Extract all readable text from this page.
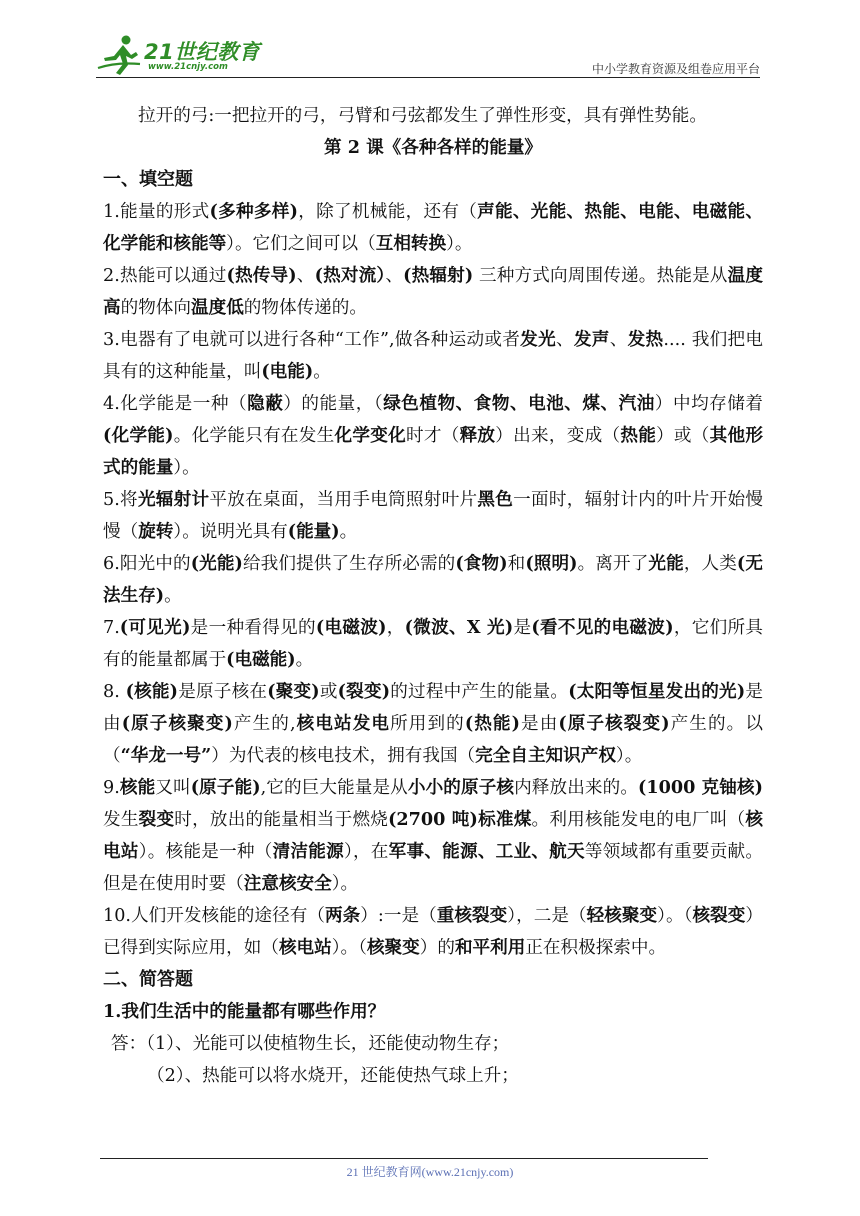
21世纪教育
www.21cnjy.com	中小学教育资源及组卷应用平台

拉开的弓:一把拉开的弓，弓臂和弓弦都发生了弹性形变，具有弹性势能。

第 2 课《各种各样的能量》

一、填空题

1.能量的形式(多种多样)，除了机械能，还有（声能、光能、热能、电能、电磁能、化学能和核能等）。它们之间可以（互相转换）。

2.热能可以通过(热传导)、(热对流）、(热辐射) 三种方式向周围传递。热能是从温度高的物体向温度低的物体传递的。

3.电器有了电就可以进行各种“工作”,做各种运动或者发光、发声、发热.... 我们把电具有的这种能量，叫(电能)。

4.化学能是一种（隐蔽）的能量，（绿色植物、食物、电池、煤、汽油）中均存储着(化学能)。化学能只有在发生化学变化时才（释放）出来，变成（热能）或（其他形式的能量）。

5.将光辐射计平放在桌面，当用手电筒照射叶片黑色一面时，辐射计内的叶片开始慢慢（旋转）。说明光具有(能量)。

6.阳光中的(光能)给我们提供了生存所必需的(食物)和(照明)。离开了光能，人类(无法生存)。

7.(可见光)是一种看得见的(电磁波)，(微波、X 光)是(看不见的电磁波)，它们所具有的能量都属于(电磁能)。

8. (核能)是原子核在(聚变)或(裂变)的过程中产生的能量。(太阳等恒星发出的光)是由(原子核聚变)产生的,核电站发电所用到的(热能)是由(原子核裂变)产生的。以（“华龙一号”）为代表的核电技术，拥有我国（完全自主知识产权）。

9.核能又叫(原子能),它的巨大能量是从小小的原子核内释放出来的。(1000 克铀核)发生裂变时，放出的能量相当于燃烧(2700 吨)标准煤。利用核能发电的电厂叫（核电站）。核能是一种（清洁能源），在军事、能源、工业、航天等领域都有重要贡献。但是在使用时要（注意核安全）。

10.人们开发核能的途径有（两条）:一是（重核裂变），二是（轻核聚变）。（核裂变）已得到实际应用，如（核电站）。（核聚变）的和平利用正在积极探索中。

二、简答题

1.我们生活中的能量都有哪些作用？

答：（1）、光能可以使植物生长，还能使动物生存；

（2）、热能可以将水烧开，还能使热气球上升；

21 世纪教育网(www.21cnjy.com)
